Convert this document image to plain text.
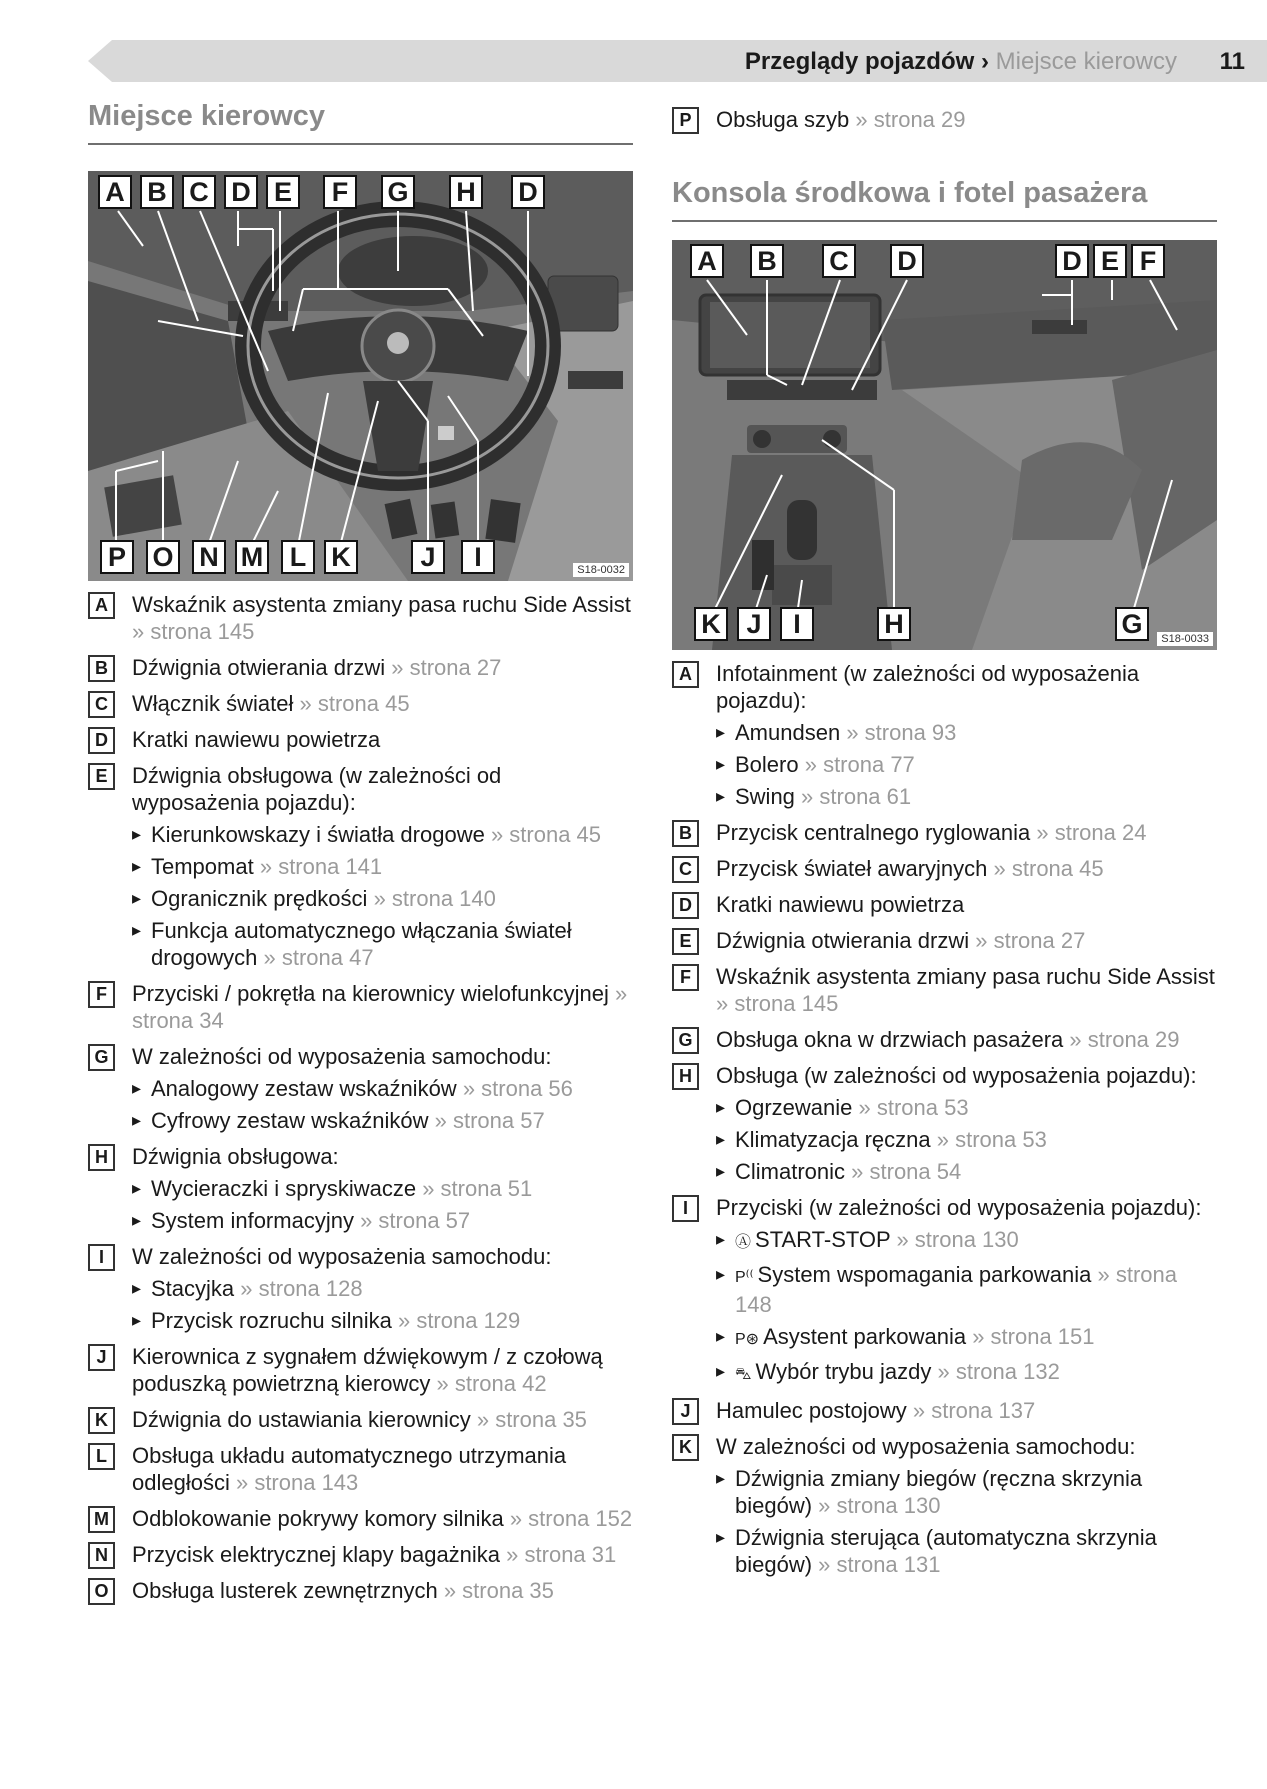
Przeglądy pojazdów › Miejsce kierowcy 11
Miejsce kierowcy
A B C D E	F	G H D
P O N M L K	J	I	S18-0032
A	Wskaźnik asystenta zmiany pasa ruchu Side Assist » strona 145
B	Dźwignia otwierania drzwi » strona 27
C	Włącznik świateł » strona 45
D	Kratki nawiewu powietrza
E	Dźwignia obsługowa (w zależności od wyposażenia pojazdu):
▸ Kierunkowskazy i światła drogowe » strona 45
▸ Tempomat » strona 141
▸ Ogranicznik prędkości » strona 140
▸ Funkcja automatycznego włączania świateł drogowych » strona 47
F	Przyciski / pokrętła na kierownicy wielofunkcyjnej » strona 34
G W zależności od wyposażenia samochodu:
▸ Analogowy zestaw wskaźników » strona 56
▸ Cyfrowy zestaw wskaźników » strona 57
H	Dźwignia obsługowa:
▸ Wycieraczki i spryskiwacze » strona 51
▸ System informacyjny » strona 57
I	W zależności od wyposażenia samochodu:
▸ Stacyjka » strona 128
▸ Przycisk rozruchu silnika » strona 129
J	Kierownica z sygnałem dźwiękowym / z czołową poduszką powietrzną kierowcy » strona 42
K	Dźwignia do ustawiania kierownicy » strona 35
L	Obsługa układu automatycznego utrzymania odległości » strona 143
M Odblokowanie pokrywy komory silnika » strona 152
N	Przycisk elektrycznej klapy bagażnika » strona 31
O Obsługa lusterek zewnętrznych » strona 35
P	Obsługa szyb » strona 29
Konsola środkowa i fotel pasażera
A B C D	D E F
K J	I	H	G	S18-0033
A	Infotainment (w zależności od wyposażenia pojazdu):
▸ Amundsen » strona 93
▸ Bolero » strona 77
▸ Swing » strona 61
B	Przycisk centralnego ryglowania » strona 24
C	Przycisk świateł awaryjnych » strona 45
D	Kratki nawiewu powietrza
E	Dźwignia otwierania drzwi » strona 27
F	Wskaźnik asystenta zmiany pasa ruchu Side Assist » strona 145
G Obsługa okna w drzwiach pasażera » strona 29
H	Obsługa (w zależności od wyposażenia pojazdu):
▸ Ogrzewanie » strona 53
▸ Klimatyzacja ręczna » strona 53
▸ Climatronic » strona 54
I	Przyciski (w zależności od wyposażenia pojazdu):
▸ Ⓐ START-STOP » strona 130
▸ P⁽⁽ System wspomagania parkowania » strona 148
▸ P⊛ Asystent parkowania » strona 151
▸ ⛍ Wybór trybu jazdy » strona 132
J	Hamulec postojowy » strona 137
K	W zależności od wyposażenia samochodu:
▸ Dźwignia zmiany biegów (ręczna skrzynia biegów) » strona 130
▸ Dźwignia sterująca (automatyczna skrzynia biegów) » strona 131
